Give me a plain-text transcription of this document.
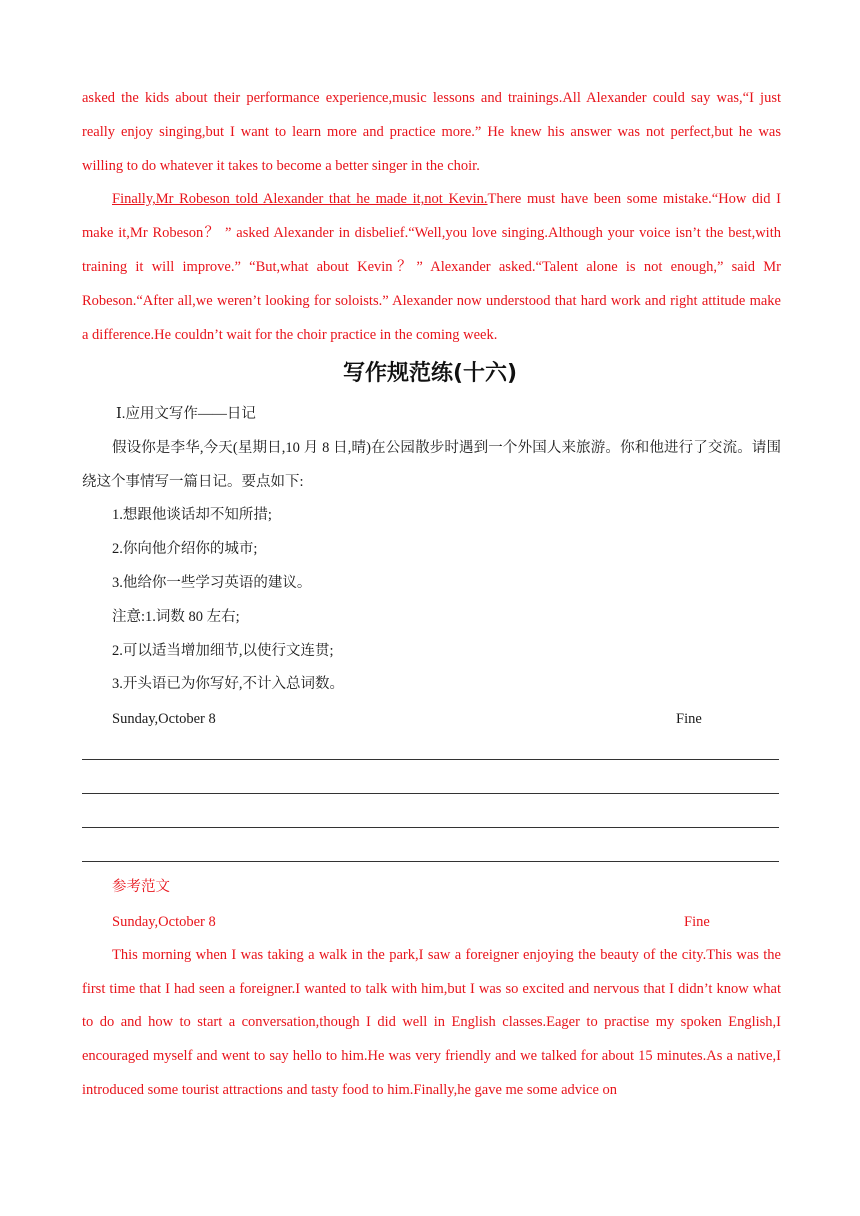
asked the kids about their performance experience,music lessons and trainings.All Alexander could say was,“I just really enjoy singing,but I want to learn more and practice more.” He knew his answer was not perfect,but he was willing to do whatever it takes to become a better singer in the choir.

Finally,Mr Robeson told Alexander that he made it,not Kevin.There must have been some mistake.“How did I make it,Mr Robeson？ ” asked Alexander in disbelief.“Well,you love singing.Although your voice isn’t the best,with training it will improve.” “But,what about Kevin？” Alexander asked.“Talent alone is not enough,” said Mr Robeson.“After all,we weren’t looking for soloists.” Alexander now understood that hard work and right attitude make a difference.He couldn’t wait for the choir practice in the coming week.

写作规范练(十六)
Ⅰ.应用文写作——日记

假设你是李华,今天(星期日,10 月 8 日,晴)在公园散步时遇到一个外国人来旅游。你和他进行了交流。请围绕这个事情写一篇日记。要点如下:

1.想跟他谈话却不知所措;
2.你向他介绍你的城市;
3.他给你一些学习英语的建议。
注意:1.词数 80 左右;
2.可以适当增加细节,以使行文连贯;
3.开头语已为你写好,不计入总词数。
Sunday,October 8	Fine
参考范文
Sunday,October 8	Fine

This morning when I was taking a walk in the park,I saw a foreigner enjoying the beauty of the city.This was the first time that I had seen a foreigner.I wanted to talk with him,but I was so excited and nervous that I didn’t know what to do and how to start a conversation,though I did well in English classes.Eager to practise my spoken English,I encouraged myself and went to say hello to him.He was very friendly and we talked for about 15 minutes.As a native,I introduced some tourist attractions and tasty food to him.Finally,he gave me some advice on
